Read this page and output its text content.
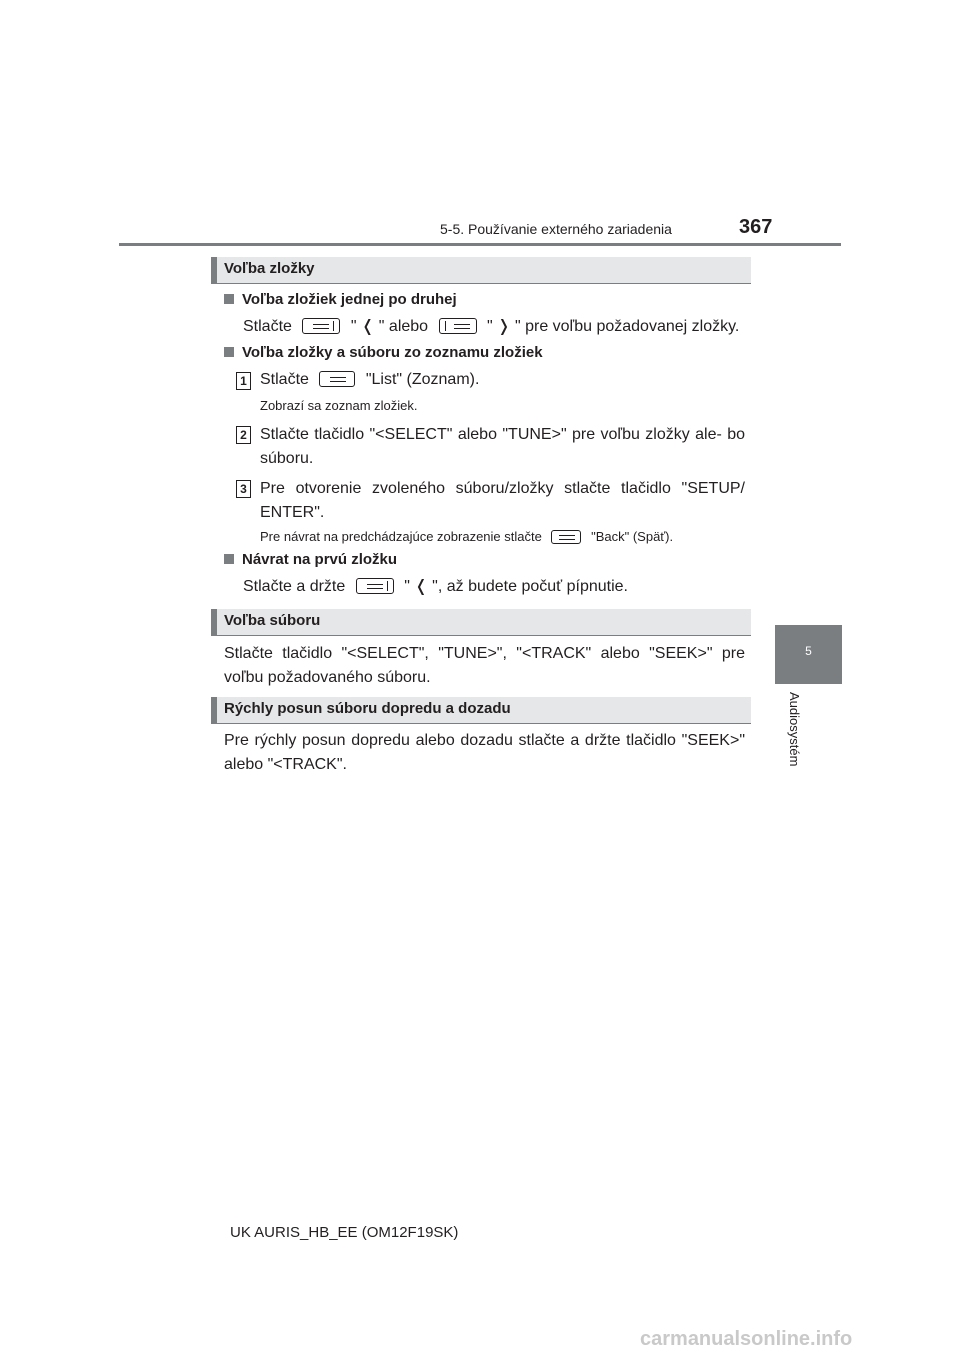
5-5. Používanie externého zariadenia	367
5
Audiosystém
Voľba zložky
Voľba zložiek jednej po druhej
Stlačte	" ❬ " alebo	" ❭ " pre voľbu požadovanej zložky.
Voľba zložky a súboru zo zoznamu zložiek
1 Stlačte	"List" (Zoznam).
Zobrazí sa zoznam zložiek.
2 Stlačte tlačidlo "<SELECT" alebo "TUNE>" pre voľbu zložky ale- bo súboru.
3 Pre otvorenie zvoleného súboru/zložky stlačte tlačidlo "SETUP/ ENTER".
Pre návrat na predchádzajúce zobrazenie stlačte	"Back" (Späť).
Návrat na prvú zložku
Stlačte a držte	" ❬ ", až budete počuť pípnutie.
Voľba súboru
Stlačte tlačidlo "<SELECT", "TUNE>", "<TRACK" alebo "SEEK>" pre voľbu požadovaného súboru.
Rýchly posun súboru dopredu a dozadu
Pre rýchly posun dopredu alebo dozadu stlačte a držte tlačidlo "SEEK>" alebo "<TRACK".
UK AURIS_HB_EE (OM12F19SK)
carmanualsonline.info
